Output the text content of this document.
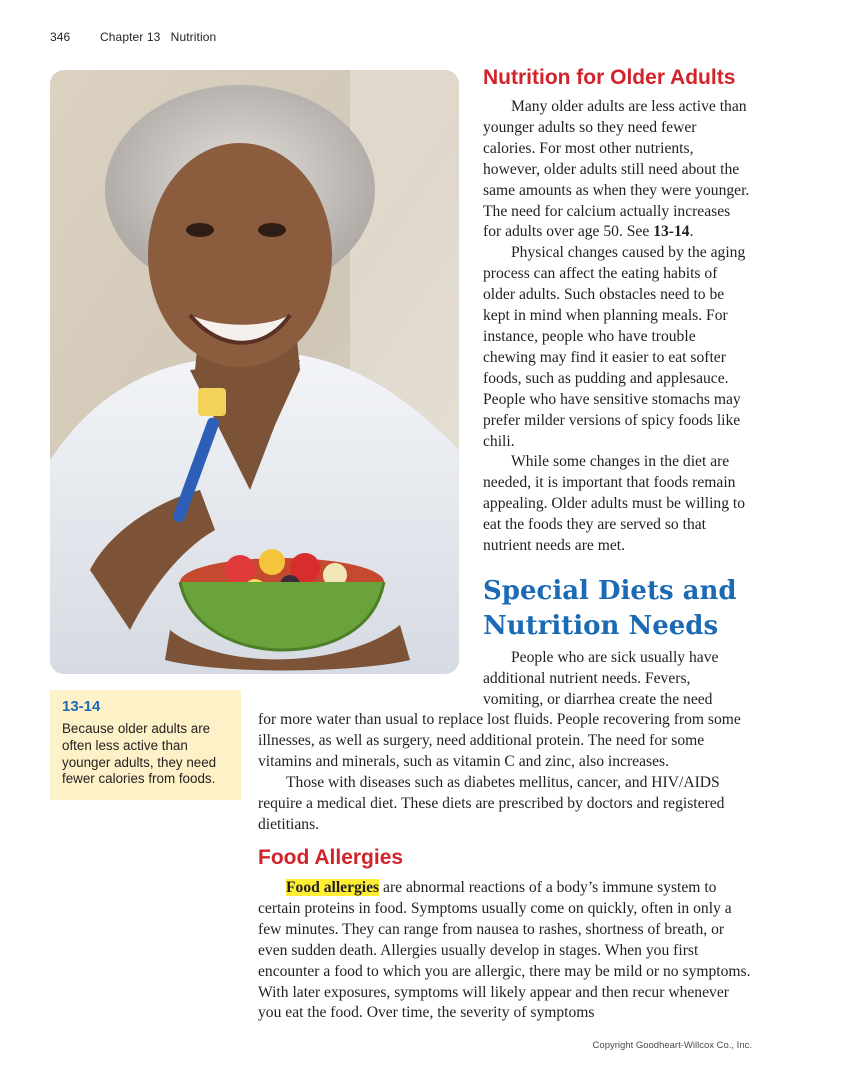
346 Chapter 13   Nutrition
13-14
Because older adults are often less active than younger adults, they need fewer calories from foods.
Nutrition for Older Adults

Many older adults are less active than younger adults so they need fewer calories. For most other nutrients, however, older adults still need about the same amounts as when they were younger. The need for calcium actually increases for adults over age 50. See 13-14.

Physical changes caused by the aging process can affect the eating habits of older adults. Such obstacles need to be kept in mind when planning meals. For instance, people who have trouble chewing may find it easier to eat softer foods, such as pudding and applesauce. People who have sensitive stomachs may prefer milder versions of spicy foods like chili.

While some changes in the diet are needed, it is important that foods remain appealing. Older adults must be willing to eat the foods they are served so that nutrient needs are met.

Special Diets and
Nutrition Needs

People who are sick usually have additional nutrient needs. Fevers, vomiting, or diarrhea create the need

for more water than usual to replace lost fluids. People recovering from some illnesses, as well as surgery, need additional protein. The need for some vitamins and minerals, such as vitamin C and zinc, also increases.

Those with diseases such as diabetes mellitus, cancer, and HIV/AIDS require a medical diet. These diets are prescribed by doctors and registered dietitians.

Food Allergies

Food allergies are abnormal reactions of a body’s immune system to certain proteins in food. Symptoms usually come on quickly, often in only a few minutes. They can range from nausea to rashes, shortness of breath, or even sudden death. Allergies usually develop in stages. When you first encounter a food to which you are allergic, there may be mild or no symptoms. With later exposures, symptoms will likely appear and then recur whenever you eat the food. Over time, the severity of symptoms

Copyright Goodheart-Willcox Co., Inc.
